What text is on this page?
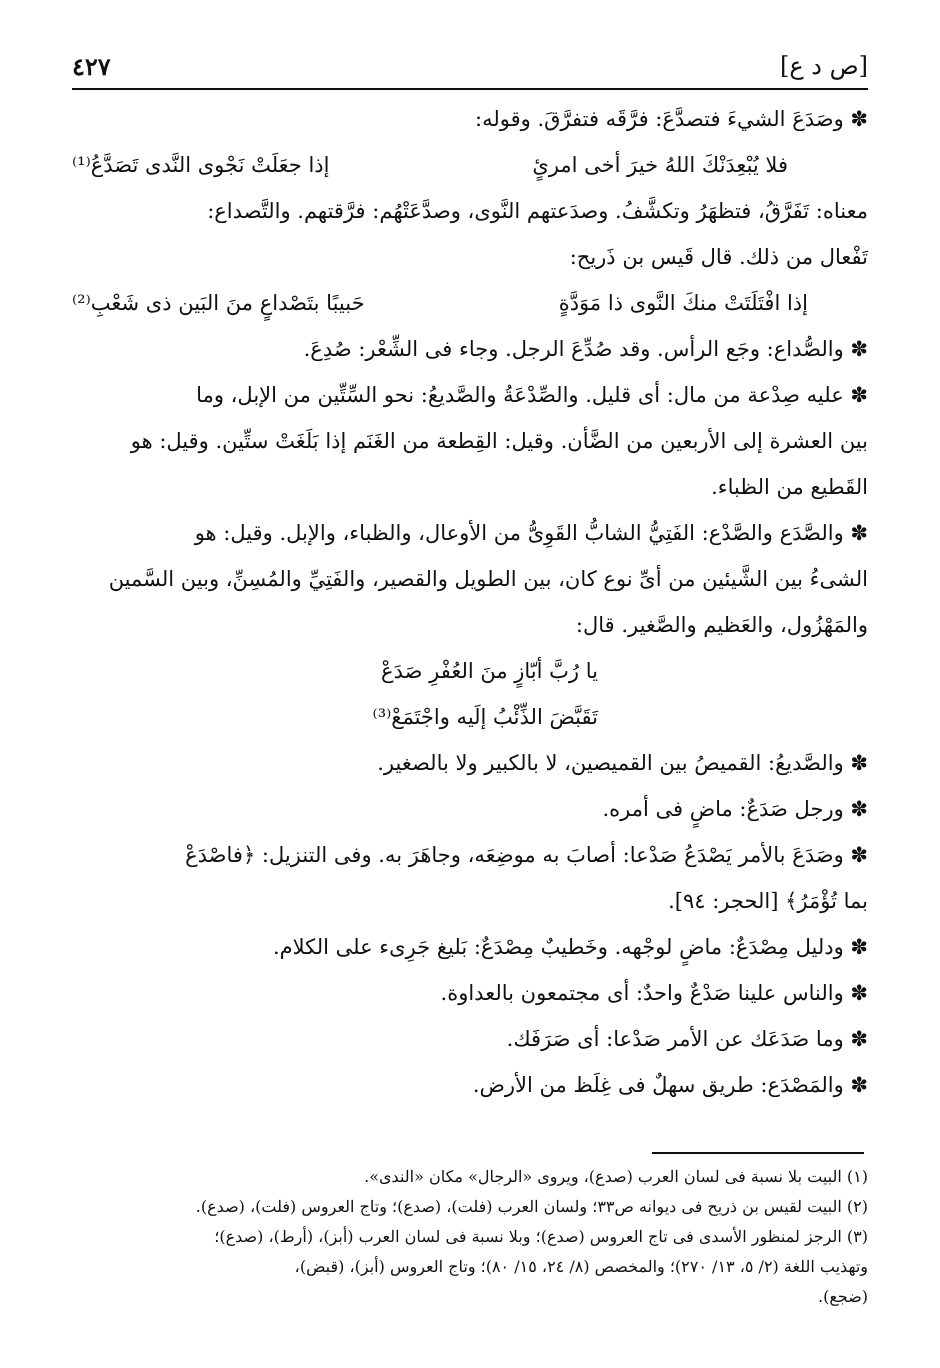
٤٢٧	[ص د ع]

✽ وصَدَعَ الشيءَ فتصدَّعَ: فرَّقَه فتفرَّقَ. وقوله:

فلا يُبْعِدَنْكَ اللهُ خيرَ أخى امرئٍ
إذا جعَلَتْ نَجْوى النَّدى تَصَدَّعُ⁽¹⁾

معناه: تَفَرَّقُ، فتظهَرُ وتكشَّفُ. وصدَعتهم النَّوى، وصدَّعَتْهُم: فرَّقتهم. والتَّصداع:

تَفْعال من ذلك. قال قَيس بن ذَريح:

إذا افْتَلَتَتْ منكَ النَّوى ذا مَوَدَّةٍ
حَبيبًا بتَصْداعٍ منَ البَين ذى شَعْبِ⁽²⁾

✽ والصُّداع: وجَع الرأس. وقد صُدِّعَ الرجل. وجاء فى الشِّعْر: صُدِعَ.

✽ عليه صِدْعة من مال: أى قليل. والصِّدْعَةُ والصَّديعُ: نحو السِّتِّين من الإبل، وما

بين العشرة إلى الأربعين من الضَّأن. وقيل: القِطعة من الغَنَم إذا بَلَغَتْ ستِّين. وقيل: هو

القَطيع من الظباء.

✽ والصَّدَع والصَّدْع: الفَتِيُّ الشابُّ القَوِىُّ من الأوعال، والظباء، والإبل. وقيل: هو

الشىءُ بين الشَّيئين من أىِّ نوع كان، بين الطويل والقصير، والفَتِيِّ والمُسِنِّ، وبين السَّمين

والمَهْزُول، والعَظيم والصَّغير. قال:

يا رُبَّ أبّازٍ منَ العُفْرِ صَدَعْ

تَقَبَّضَ الذِّئْبُ إلَيه واجْتَمَعْ⁽³⁾

✽ والصَّديعُ: القميصُ بين القميصين، لا بالكبير ولا بالصغير.

✽ ورجل صَدَعٌ: ماضٍ فى أمره.

✽ وصَدَعَ بالأمر يَصْدَعُ صَدْعا: أصابَ به موضِعَه، وجاهَرَ به. وفى التنزيل: ﴿فاصْدَعْ

بما تُؤْمَرُ﴾ [الحجر: ٩٤].

✽ ودليل مِصْدَعٌ: ماضٍ لوجْهه. وخَطيبٌ مِصْدَعٌ: بَليغ جَرِىء على الكلام.

✽ والناس علينا صَدْعٌ واحدٌ: أى مجتمعون بالعداوة.

✽ وما صَدَعَك عن الأمر صَدْعا: أى صَرَفَك.

✽ والمَصْدَع: طريق سهلٌ فى غِلَظ من الأرض.

(١) البيت بلا نسبة فى لسان العرب (صدع)، ويروى «الرجال» مكان «الندى».

(٢) البيت لقيس بن ذريح فى ديوانه ص٣٣؛ ولسان العرب (فلت)، (صدع)؛ وتاج العروس (فلت)، (صدع).

(٣) الرجز لمنظور الأسدى فى تاج العروس (صدع)؛ وبلا نسبة فى لسان العرب (أبز)، (أرط)، (صدع)؛

وتهذيب اللغة (٢/ ٥، ١٣/ ٢٧٠)؛ والمخصص (٨/ ٢٤، ١٥/ ٨٠)؛ وتاج العروس (أبز)، (قبض)،

(ضجع).
